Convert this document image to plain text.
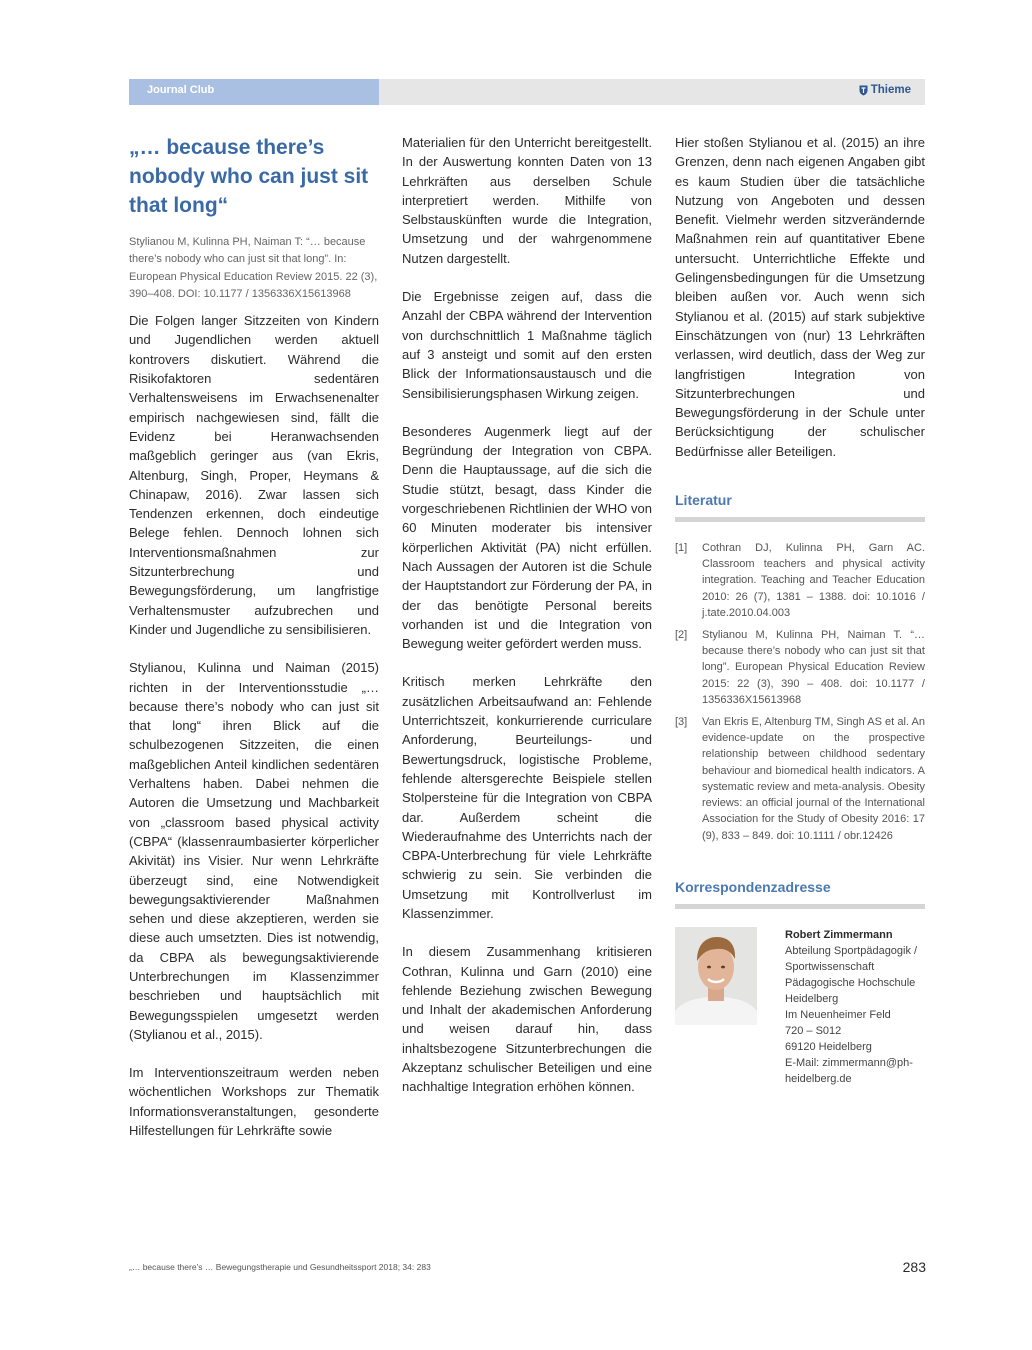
Journal Club	Thieme
„… because there’s nobody who can just sit that long“
Stylianou M, Kulinna PH, Naiman T: “… because there’s nobody who can just sit that long”. In: European Physical Education Review 2015. 22 (3), 390–408. DOI: 10.1177 / 1356336X15613968

Die Folgen langer Sitzzeiten von Kindern und Jugendlichen werden aktuell kontrovers diskutiert. Während die Risikofaktoren sedentären Verhaltensweisens im Erwachsenenalter empirisch nachgewiesen sind, fällt die Evidenz bei Heranwachsenden maßgeblich geringer aus (van Ekris, Altenburg, Singh, Proper, Heymans & Chinapaw, 2016). Zwar lassen sich Tendenzen erkennen, doch eindeutige Belege fehlen. Dennoch lohnen sich Interventionsmaßnahmen zur Sitzunterbrechung und Bewegungsförderung, um langfristige Verhaltensmuster aufzubrechen und Kinder und Jugendliche zu sensibilisieren.

Stylianou, Kulinna und Naiman (2015) richten in der Interventionsstudie „… because there’s nobody who can just sit that long“ ihren Blick auf die schulbezogenen Sitzzeiten, die einen maßgeblichen Anteil kindlichen sedentären Verhaltens haben. Dabei nehmen die Autoren die Umsetzung und Machbarkeit von „classroom based physical activity (CBPA“ (klassenraumbasierter körperlicher Akivität) ins Visier. Nur wenn Lehrkräfte überzeugt sind, eine Notwendigkeit bewegungsaktivierender Maßnahmen sehen und diese akzeptieren, werden sie diese auch umsetzten. Dies ist notwendig, da CBPA als bewegungsaktivierende Unterbrechungen im Klassenzimmer beschrieben und hauptsächlich mit Bewegungsspielen umgesetzt werden (Stylianou et al., 2015).

Im Interventionszeitraum werden neben wöchentlichen Workshops zur Thematik Informationsveranstaltungen, gesonderte Hilfestellungen für Lehrkräfte sowie

Materialien für den Unterricht bereitgestellt. In der Auswertung konnten Daten von 13 Lehrkräften aus derselben Schule interpretiert werden. Mithilfe von Selbstauskünften wurde die Integration, Umsetzung und der wahrgenommene Nutzen dargestellt.

Die Ergebnisse zeigen auf, dass die Anzahl der CBPA während der Intervention von durchschnittlich 1 Maßnahme täglich auf 3 ansteigt und somit auf den ersten Blick der Informationsaustausch und die Sensibilisierungsphasen Wirkung zeigen.

Besonderes Augenmerk liegt auf der Begründung der Integration von CBPA. Denn die Hauptaussage, auf die sich die Studie stützt, besagt, dass Kinder die vorgeschriebenen Richtlinien der WHO von 60 Minuten moderater bis intensiver körperlichen Aktivität (PA) nicht erfüllen. Nach Aussagen der Autoren ist die Schule der Hauptstandort zur Förderung der PA, in der das benötigte Personal bereits vorhanden ist und die Integration von Bewegung weiter gefördert werden muss.

Kritisch merken Lehrkräfte den zusätzlichen Arbeitsaufwand an: Fehlende Unterrichtszeit, konkurrierende curriculare Anforderung, Beurteilungs- und Bewertungsdruck, logistische Probleme, fehlende altersgerechte Beispiele stellen Stolpersteine für die Integration von CBPA dar. Außerdem scheint die Wiederaufnahme des Unterrichts nach der CBPA-Unterbrechung für viele Lehrkräfte schwierig zu sein. Sie verbinden die Umsetzung mit Kontrollverlust im Klassenzimmer.

In diesem Zusammenhang kritisieren Cothran, Kulinna und Garn (2010) eine fehlende Beziehung zwischen Bewegung und Inhalt der akademischen Anforderung und weisen darauf hin, dass inhaltsbezogene Sitzunterbrechungen die Akzeptanz schulischer Beteiligen und eine nachhaltige Integration erhöhen können.

Hier stoßen Stylianou et al. (2015) an ihre Grenzen, denn nach eigenen Angaben gibt es kaum Studien über die tatsächliche Nutzung von Angeboten und dessen Benefit. Vielmehr werden sitzverändernde Maßnahmen rein auf quantitativer Ebene untersucht. Unterrichtliche Effekte und Gelingensbedingungen für die Umsetzung bleiben außen vor. Auch wenn sich Stylianou et al. (2015) auf stark subjektive Einschätzungen von (nur) 13 Lehrkräften verlassen, wird deutlich, dass der Weg zur langfristigen Integration von Sitzunterbrechungen und Bewegungsförderung in der Schule unter Berücksichtigung der schulischer Bedürfnisse aller Beteiligen.

Literatur
[1]	Cothran DJ, Kulinna PH, Garn AC. Classroom teachers and physical activity integration. Teaching and Teacher Education 2010: 26 (7), 1381 – 1388. doi: 10.1016 / j.tate.2010.04.003
[2]	Stylianou M, Kulinna PH, Naiman T. “… because there’s nobody who can just sit that long”. European Physical Education Review 2015: 22 (3), 390 – 408. doi: 10.1177 / 1356336X15613968
[3]	Van Ekris E, Altenburg TM, Singh AS et al. An evidence-update on the prospective relationship between childhood sedentary behaviour and biomedical health indicators. A systematic review and meta-analysis. Obesity reviews: an official journal of the International Association for the Study of Obesity 2016: 17 (9), 833 – 849. doi: 10.1111 / obr.12426
Korrespondenzadresse
Robert Zimmermann
Abteilung Sportpädagogik / Sportwissenschaft
Pädagogische Hochschule Heidelberg
Im Neuenheimer Feld
720 – S012
69120 Heidelberg
E-Mail: zimmermann@ph-heidelberg.de
„… because there’s … Bewegungstherapie und Gesundheitssport 2018; 34: 283	283
